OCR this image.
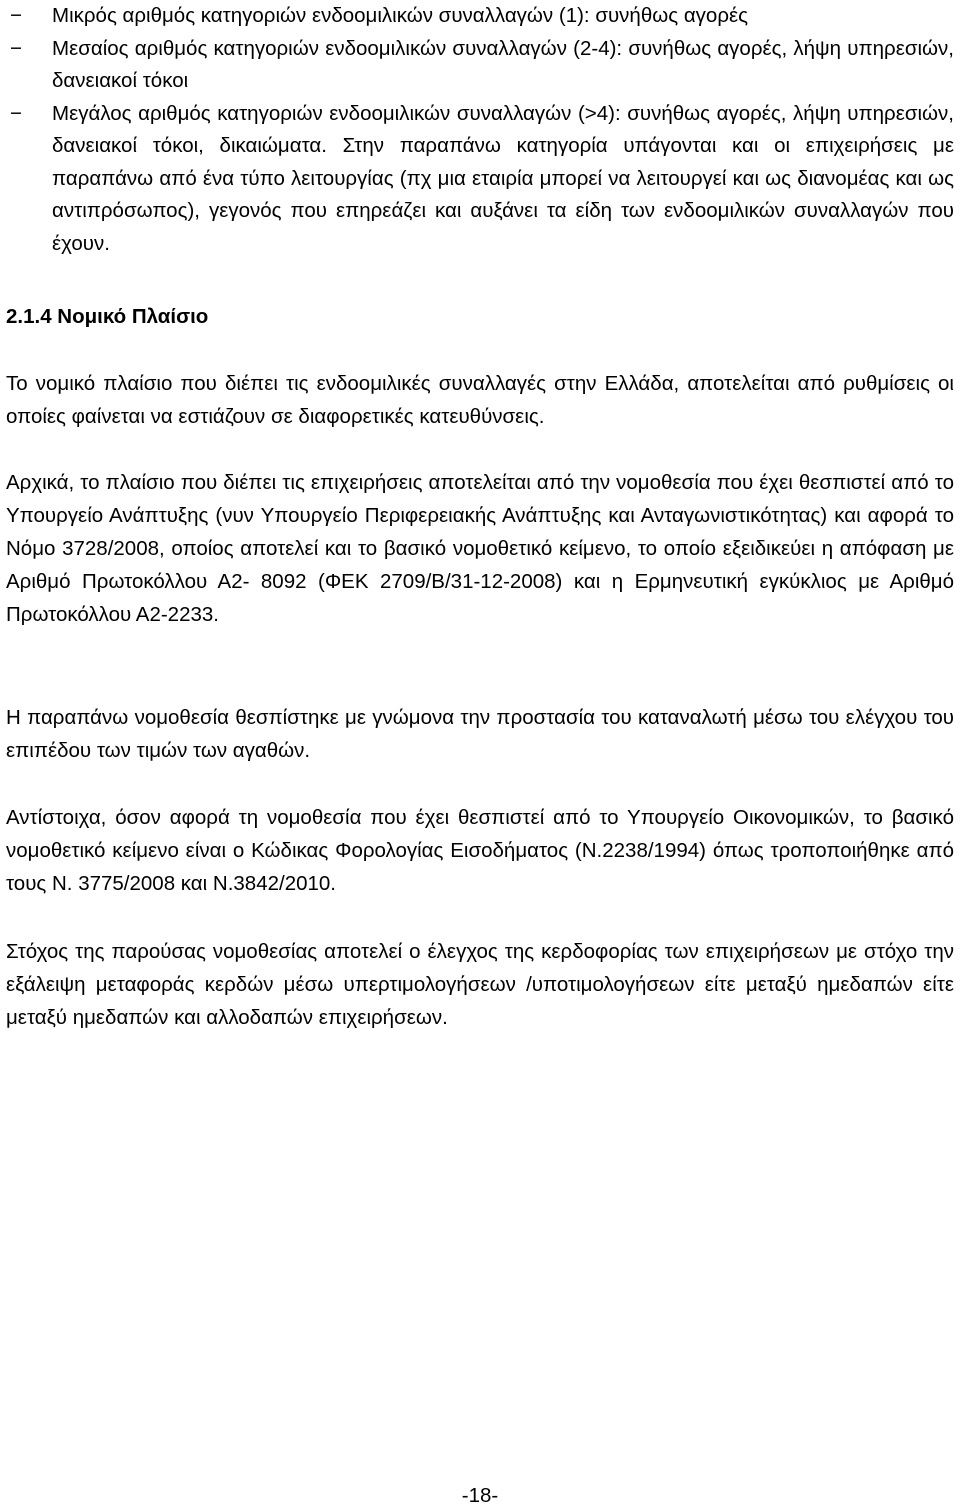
− Μικρός αριθμός κατηγοριών ενδοομιλικών συναλλαγών (1): συνήθως αγορές
− Μεσαίος αριθμός κατηγοριών ενδοομιλικών συναλλαγών (2-4): συνήθως αγορές, λήψη υπηρεσιών, δανειακοί τόκοι
− Μεγάλος αριθμός κατηγοριών ενδοομιλικών συναλλαγών (>4): συνήθως αγορές, λήψη υπηρεσιών, δανειακοί τόκοι, δικαιώματα. Στην παραπάνω κατηγορία υπάγονται και οι επιχειρήσεις με παραπάνω από ένα τύπο λειτουργίας (πχ μια εταιρία μπορεί να λειτουργεί και ως διανομέας και ως αντιπρόσωπος), γεγονός που επηρεάζει και αυξάνει τα είδη των ενδοομιλικών συναλλαγών που έχουν.
2.1.4 Νομικό Πλαίσιο

Το νομικό πλαίσιο που διέπει τις ενδοομιλικές συναλλαγές στην Ελλάδα, αποτελείται από ρυθμίσεις οι οποίες φαίνεται να εστιάζουν σε διαφορετικές κατευθύνσεις.

Αρχικά, το πλαίσιο που διέπει τις επιχειρήσεις αποτελείται από την νομοθεσία που έχει θεσπιστεί από το Υπουργείο Ανάπτυξης (νυν Υπουργείο Περιφερειακής Ανάπτυξης και Ανταγωνιστικότητας) και αφορά το Νόμο 3728/2008, οποίος αποτελεί και το βασικό νομοθετικό κείμενο, το οποίο εξειδικεύει η απόφαση με Αριθμό Πρωτοκόλλου Α2- 8092 (ΦΕΚ 2709/Β/31-12-2008) και η Ερμηνευτική εγκύκλιος με Αριθμό Πρωτοκόλλου Α2-2233.

Η παραπάνω νομοθεσία θεσπίστηκε με γνώμονα την προστασία του καταναλωτή μέσω του ελέγχου του επιπέδου των τιμών των αγαθών.

Αντίστοιχα, όσον αφορά τη νομοθεσία που έχει θεσπιστεί από το Υπουργείο Οικονομικών, το βασικό νομοθετικό κείμενο είναι ο Κώδικας Φορολογίας Εισοδήματος (Ν.2238/1994) όπως τροποποιήθηκε από τους Ν. 3775/2008 και Ν.3842/2010.

Στόχος της παρούσας νομοθεσίας αποτελεί ο έλεγχος της κερδοφορίας των επιχειρήσεων με στόχο την εξάλειψη μεταφοράς κερδών μέσω υπερτιμολογήσεων /υποτιμολογήσεων είτε μεταξύ ημεδαπών είτε μεταξύ ημεδαπών και αλλοδαπών επιχειρήσεων.

-18-
